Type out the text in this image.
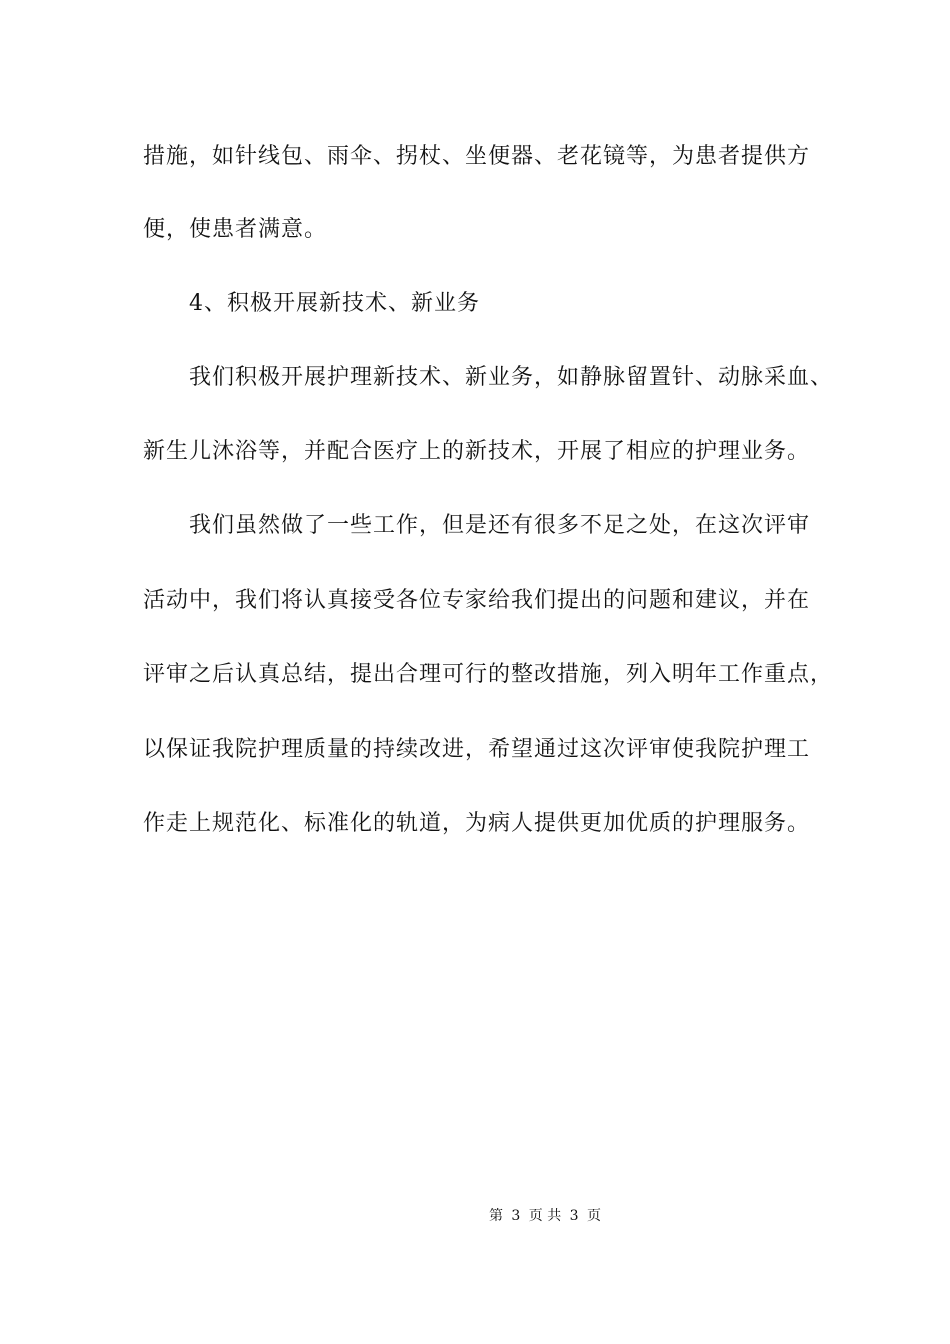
措施，如针线包、雨伞、拐杖、坐便器、老花镜等，为患者提供方
便，使患者满意。
4、积极开展新技术、新业务
我们积极开展护理新技术、新业务，如静脉留置针、动脉采血、
新生儿沐浴等，并配合医疗上的新技术，开展了相应的护理业务。
我们虽然做了一些工作，但是还有很多不足之处，在这次评审
活动中，我们将认真接受各位专家给我们提出的问题和建议，并在
评审之后认真总结，提出合理可行的整改措施，列入明年工作重点，
以保证我院护理质量的持续改进，希望通过这次评审使我院护理工
作走上规范化、标准化的轨道，为病人提供更加优质的护理服务。
第 3 页 共 3 页
